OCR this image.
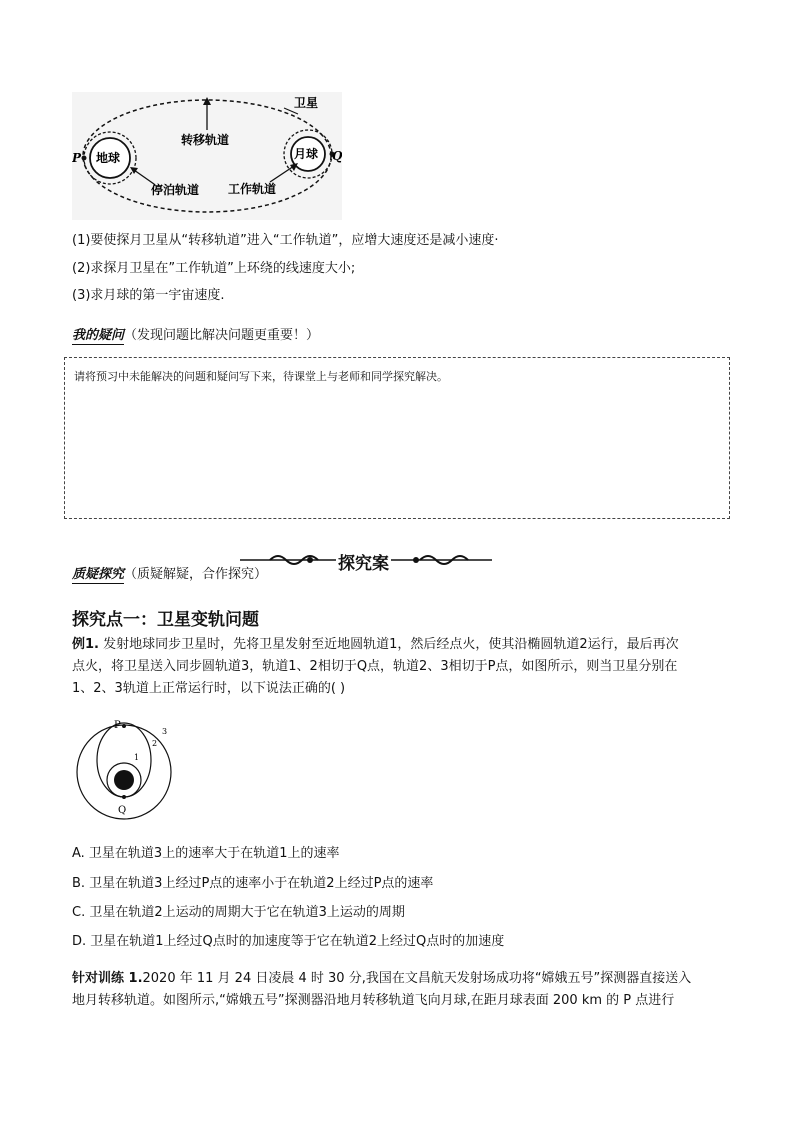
卫星
转移轨道
地球	月球
停泊轨道 工作轨道
P	Q
(1)要使探月卫星从“转移轨道”进入“工作轨道”，应增大速度还是减小速度·
(2)求探月卫星在”工作轨道”上环绕的线速度大小;
(3)求月球的第一宇宙速度.
我的疑问（发现问题比解决问题更重要！）
请将预习中未能解决的问题和疑问写下来，待课堂上与老师和同学探究解决。
质疑探究（质疑解疑，合作探究）
探究案
探究点一：卫星变轨问题
例1. 发射地球同步卫星时，先将卫星发射至近地圆轨道1，然后经点火，使其沿椭圆轨道2运行，最后再次
点火，将卫星送入同步圆轨道3，轨道1、2相切于Q点，轨道2、3相切于P点，如图所示，则当卫星分别在
1、2、3轨道上正常运行时，以下说法正确的( )
P
Q
1
2
3
A. 卫星在轨道3上的速率大于在轨道1上的速率
B. 卫星在轨道3上经过P点的速率小于在轨道2上经过P点的速率
C. 卫星在轨道2上运动的周期大于它在轨道3上运动的周期
D. 卫星在轨道1上经过Q点时的加速度等于它在轨道2上经过Q点时的加速度
针对训练 1.2020 年 11 月 24 日凌晨 4 时 30 分,我国在文昌航天发射场成功将“嫦娥五号”探测器直接送入
地月转移轨道。如图所示,“嫦娥五号”探测器沿地月转移轨道飞向月球,在距月球表面 200 km 的 P 点进行
